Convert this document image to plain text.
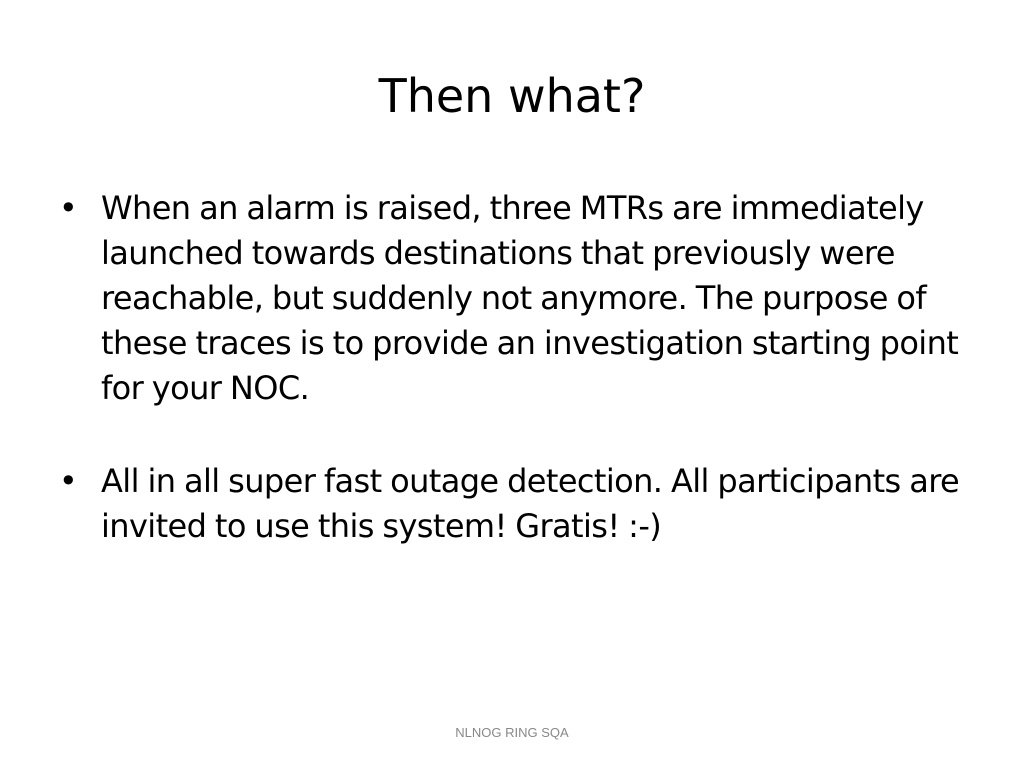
Then what?
• When an alarm is raised, three MTRs are immediately launched towards destinations that previously were reachable, but suddenly not anymore. The purpose of these traces is to provide an investigation starting point for your NOC.
• All in all super fast outage detection. All participants are invited to use this system! Gratis! :-)
NLNOG RING SQA
